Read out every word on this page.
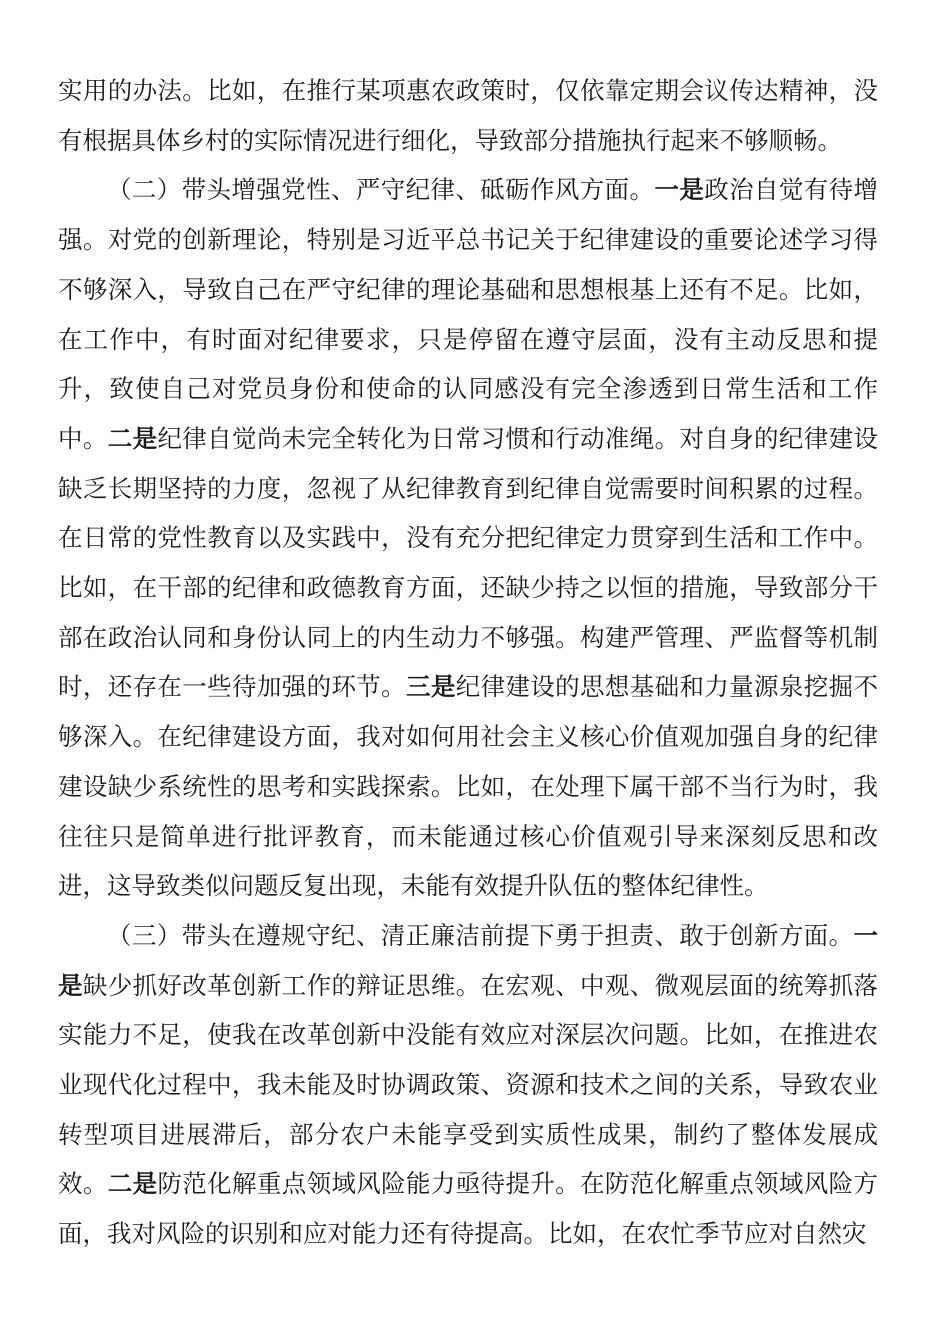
实用的办法。比如，在推行某项惠农政策时，仅依靠定期会议传达精神，没有根据具体乡村的实际情况进行细化，导致部分措施执行起来不够顺畅。

（二）带头增强党性、严守纪律、砥砺作风方面。一是政治自觉有待增强。对党的创新理论，特别是习近平总书记关于纪律建设的重要论述学习得不够深入，导致自己在严守纪律的理论基础和思想根基上还有不足。比如，在工作中，有时面对纪律要求，只是停留在遵守层面，没有主动反思和提升，致使自己对党员身份和使命的认同感没有完全渗透到日常生活和工作中。二是纪律自觉尚未完全转化为日常习惯和行动准绳。对自身的纪律建设缺乏长期坚持的力度，忽视了从纪律教育到纪律自觉需要时间积累的过程。在日常的党性教育以及实践中，没有充分把纪律定力贯穿到生活和工作中。比如，在干部的纪律和政德教育方面，还缺少持之以恒的措施，导致部分干部在政治认同和身份认同上的内生动力不够强。构建严管理、严监督等机制时，还存在一些待加强的环节。三是纪律建设的思想基础和力量源泉挖掘不够深入。在纪律建设方面，我对如何用社会主义核心价值观加强自身的纪律建设缺少系统性的思考和实践探索。比如，在处理下属干部不当行为时，我往往只是简单进行批评教育，而未能通过核心价值观引导来深刻反思和改进，这导致类似问题反复出现，未能有效提升队伍的整体纪律性。

（三）带头在遵规守纪、清正廉洁前提下勇于担责、敢于创新方面。一是缺少抓好改革创新工作的辩证思维。在宏观、中观、微观层面的统筹抓落实能力不足，使我在改革创新中没能有效应对深层次问题。比如，在推进农业现代化过程中，我未能及时协调政策、资源和技术之间的关系，导致农业转型项目进展滞后，部分农户未能享受到实质性成果，制约了整体发展成效。二是防范化解重点领域风险能力亟待提升。在防范化解重点领域风险方面，我对风险的识别和应对能力还有待提高。比如，在农忙季节应对自然灾
